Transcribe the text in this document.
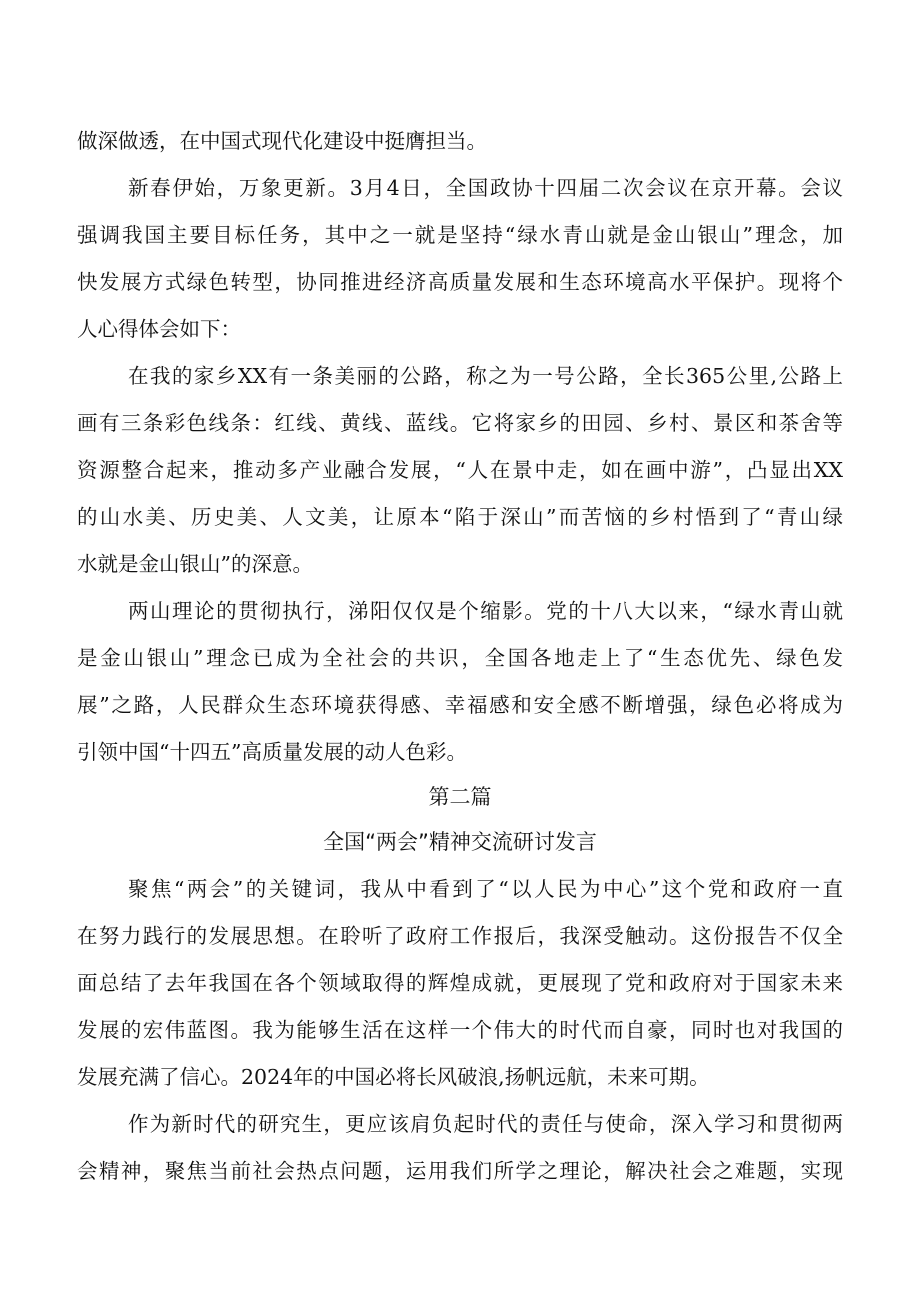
做深做透，在中国式现代化建设中挺膺担当。
新春伊始，万象更新。3月4日，全国政协十四届二次会议在京开幕。会议
强调我国主要目标任务，其中之一就是坚持“绿水青山就是金山银山”理念，加
快发展方式绿色转型，协同推进经济高质量发展和生态环境高水平保护。现将个
人心得体会如下：
在我的家乡XX有一条美丽的公路，称之为一号公路，全长365公里,公路上
画有三条彩色线条：红线、黄线、蓝线。它将家乡的田园、乡村、景区和茶舍等
资源整合起来，推动多产业融合发展，“人在景中走，如在画中游”，凸显出XX
的山水美、历史美、人文美，让原本“陷于深山”而苦恼的乡村悟到了“青山绿
水就是金山银山”的深意。
两山理论的贯彻执行，涕阳仅仅是个缩影。党的十八大以来，“绿水青山就
是金山银山”理念已成为全社会的共识，全国各地走上了“生态优先、绿色发
展”之路，人民群众生态环境获得感、幸福感和安全感不断增强，绿色必将成为
引领中国“十四五”高质量发展的动人色彩。
第二篇
全国“两会”精神交流研讨发言
聚焦“两会”的关键词，我从中看到了“以人民为中心”这个党和政府一直
在努力践行的发展思想。在聆听了政府工作报后，我深受触动。这份报告不仅全
面总结了去年我国在各个领域取得的辉煌成就，更展现了党和政府对于国家未来
发展的宏伟蓝图。我为能够生活在这样一个伟大的时代而自豪，同时也对我国的
发展充满了信心。2024年的中国必将长风破浪,扬帆远航，未来可期。
作为新时代的研究生，更应该肩负起时代的责任与使命，深入学习和贯彻两
会精神，聚焦当前社会热点问题，运用我们所学之理论，解决社会之难题，实现
